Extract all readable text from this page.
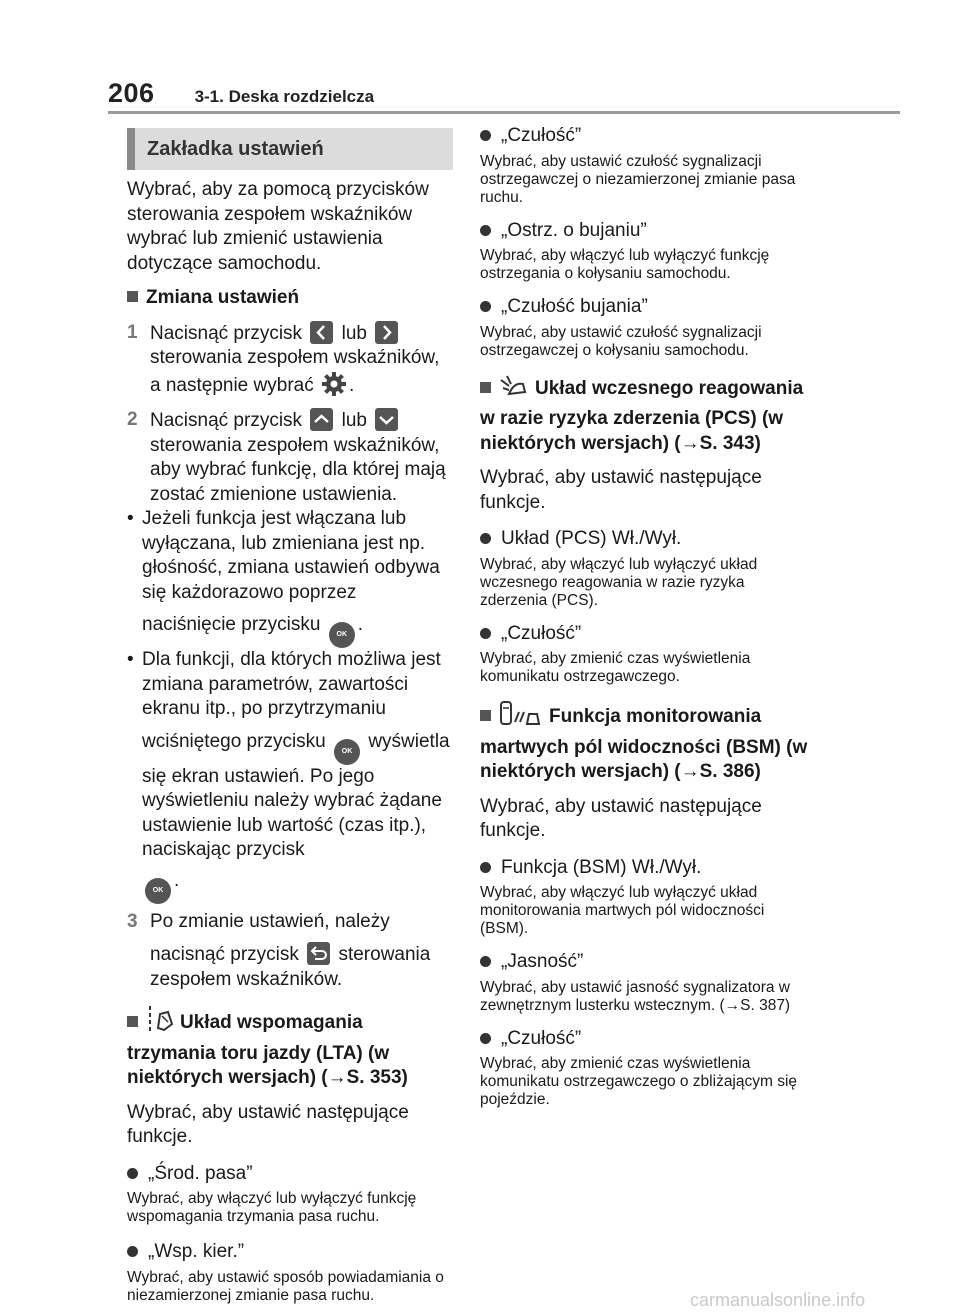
206 3-1. Deska rozdzielcza
Zakładka ustawień

Wybrać, aby za pomocą przycisków sterowania zespołem wskaźników wybrać lub zmienić ustawienia dotyczące samochodu.

Zmiana ustawień
1 Nacisnąć przycisk lub
sterowania zespołem wskaźników, a następnie wybrać .
2 Nacisnąć przycisk lub
sterowania zespołem wskaźników, aby wybrać funkcję, dla której mają zostać zmienione ustawienia.
• Jeżeli funkcja jest włączana lub wyłączana, lub zmieniana jest np. głośność, zmiana ustawień odbywa się każdorazowo poprzez
naciśnięcie przycisku OK .
• Dla funkcji, dla których możliwa jest zmiana parametrów, zawartości ekranu itp., po przytrzymaniu
wciśniętego przycisku OK wyświetla się ekran ustawień. Po jego wyświetleniu należy wybrać żądane ustawienie lub wartość (czas itp.), naciskając przycisk
OK .
3 Po zmianie ustawień, należy
nacisnąć przycisk sterowania zespołem wskaźników.
Układ wspomagania trzymania toru jazdy (LTA) (w niektórych wersjach) (→S. 353)

Wybrać, aby ustawić następujące funkcje.

„Środ. pasa”

Wybrać, aby włączyć lub wyłączyć funkcję wspomagania trzymania pasa ruchu.

„Wsp. kier.”

Wybrać, aby ustawić sposób powiadamiania o niezamierzonej zmianie pasa ruchu.

„Czułość”

Wybrać, aby ustawić czułość sygnalizacji ostrzegawczej o niezamierzonej zmianie pasa ruchu.

„Ostrz. o bujaniu”

Wybrać, aby włączyć lub wyłączyć funkcję ostrzegania o kołysaniu samochodu.

„Czułość bujania”

Wybrać, aby ustawić czułość sygnalizacji ostrzegawczej o kołysaniu samochodu.

Układ wczesnego reagowania w razie ryzyka zderzenia (PCS) (w niektórych wersjach) (→S. 343)

Wybrać, aby ustawić następujące funkcje.

Układ (PCS) Wł./Wył.

Wybrać, aby włączyć lub wyłączyć układ wczesnego reagowania w razie ryzyka zderzenia (PCS).

„Czułość”

Wybrać, aby zmienić czas wyświetlenia komunikatu ostrzegawczego.

Funkcja monitorowania martwych pól widoczności (BSM) (w niektórych wersjach) (→S. 386)

Wybrać, aby ustawić następujące funkcje.

Funkcja (BSM) Wł./Wył.

Wybrać, aby włączyć lub wyłączyć układ monitorowania martwych pól widoczności (BSM).

„Jasność”

Wybrać, aby ustawić jasność sygnalizatora w zewnętrznym lusterku wstecznym. (→S. 387)

„Czułość”

Wybrać, aby zmienić czas wyświetlenia komunikatu ostrzegawczego o zbliżającym się pojeździe.

carmanualsonline.info
